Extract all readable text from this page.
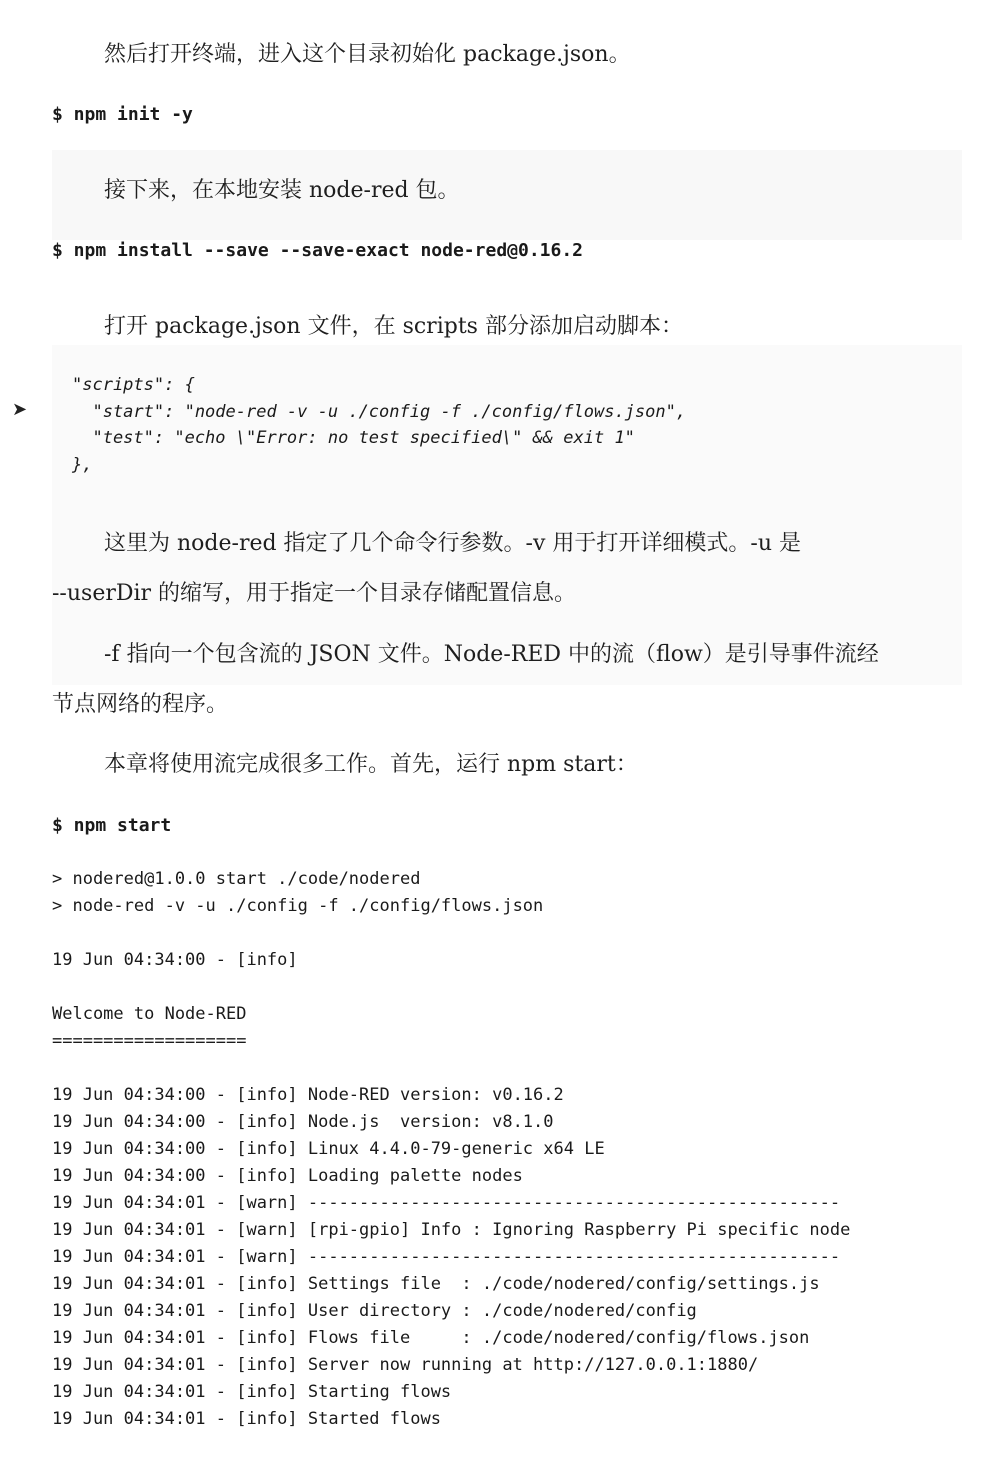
然后打开终端，进入这个目录初始化 package.json。
$ npm init -y
接下来，在本地安装 node-red 包。
$ npm install --save --save-exact node-red@0.16.2
打开 package.json 文件，在 scripts 部分添加启动脚本：
➤
"scripts": {
"start": "node-red -v -u ./config -f ./config/flows.json",
"test": "echo \"Error: no test specified\" && exit 1"
},
这里为 node-red 指定了几个命令行参数。-v 用于打开详细模式。-u 是
--userDir 的缩写，用于指定一个目录存储配置信息。
-f 指向一个包含流的 JSON 文件。Node-RED 中的流（flow）是引导事件流经
节点网络的程序。
本章将使用流完成很多工作。首先，运行 npm start：
$ npm start
> nodered@1.0.0 start ./code/nodered
> node-red -v -u ./config -f ./config/flows.json
19 Jun 04:34:00 - [info]
Welcome to Node-RED
===================
19 Jun 04:34:00 - [info] Node-RED version: v0.16.2
19 Jun 04:34:00 - [info] Node.js  version: v8.1.0
19 Jun 04:34:00 - [info] Linux 4.4.0-79-generic x64 LE
19 Jun 04:34:00 - [info] Loading palette nodes
19 Jun 04:34:01 - [warn] ----------------------------------------------------
19 Jun 04:34:01 - [warn] [rpi-gpio] Info : Ignoring Raspberry Pi specific node
19 Jun 04:34:01 - [warn] ----------------------------------------------------
19 Jun 04:34:01 - [info] Settings file  : ./code/nodered/config/settings.js
19 Jun 04:34:01 - [info] User directory : ./code/nodered/config
19 Jun 04:34:01 - [info] Flows file     : ./code/nodered/config/flows.json
19 Jun 04:34:01 - [info] Server now running at http://127.0.0.1:1880/
19 Jun 04:34:01 - [info] Starting flows
19 Jun 04:34:01 - [info] Started flows
